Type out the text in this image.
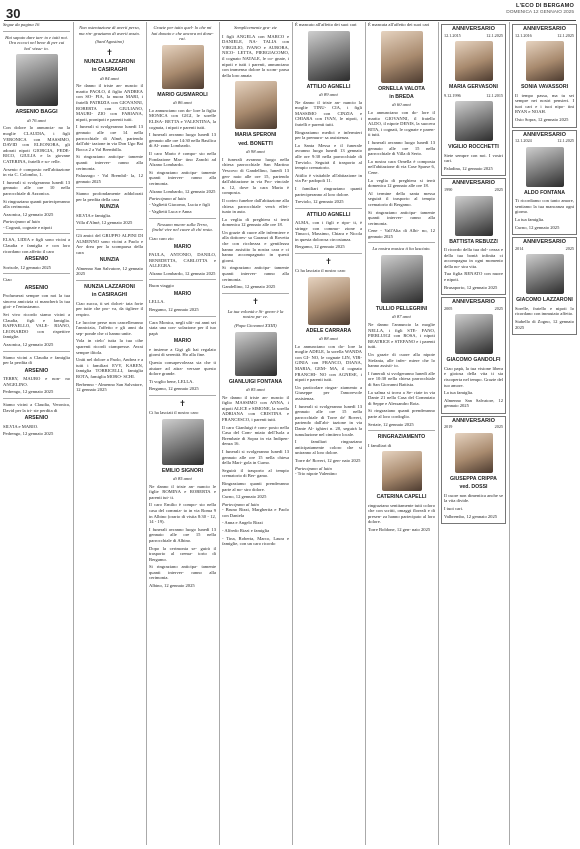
30	L'ECO DI BERGAMO
DOMENICA 12 GENNAIO 2025
Segue da pagina 16
Hai saputo dare tan- to e tutti noi. Ora eccoci nel bene di per cui hai' vissu- to.
ARSENIO BAGGI
di 76 anni

Con dolore lo annuncia- no la moglie CLAUDIA, i figli VERONICA con MASSIMO, DAVID con ELEONORA, gli adorati nipoti GIORGIA, FEDE- RICO, GIULIA e la giovane CATERINA, fratelli e so- relle.

Arsenio è composto nell'abitazione in via C. Colombo, 1.

I funerali si svolgeranno lunedì 13 gennaio alle ore 10 nella parrocchiale di Azzonica.

Si ringraziano quanti parteciperanno alla cerimonia.

Azzonica, 12 gennaio 2025

Partecipano al lutto

- Cognati, cognate e nipoti

ELSA, LIDIA e figli sono vicini a Claudia e famiglia e con loro ricordano con affetto il caro

ARSENIO

Sorisole, 12 gennaio 2025

Ciao

ARSENIO

Profumerai sempre con noi la tua sincera amicizia ci mancherà la tua gioi- e l'entusiasmo.

Sei vivo ricordo siamo vicini a Claudia, figli e famiglia. RAFFAELLO, VALE- RIANO, LEONARDO con rispettive famiglie.

Azzonica, 12 gennaio 2025

Siamo vicini a Claudia e famiglia per la perdita di

ARSENIO

TERRY, MAURO e non- no ANGELINO.

Pedrengo, 12 gennaio 2025

Siamo vicini a Claudia, Veronica, David per la tri- ste perdita di

ARSENIO

SILVIA e MARIO.

Pedrengo, 12 gennaio 2025

Non ostentazione di averti perso, ma rin- graziamo di averti avuto.
(Sant'Agostino)
✝
NUNZIA LAZZARONI
in CASIRAGHI
di 84 anni

Ne danno il triste an- nuncio il marito PAOLO, il figlio ANDREA con SO- FIA, la nuora MARI, i fratelli PATRIZIA con GIOVANNI, ROBERTA con GIULIANO, MAURI- ZIO con FABIANA, nipoti, pronipoti e parenti tutti.

I funerali si svolgeranno lunedì 13 gennaio alle ore 14 nella parrocchiale di Almè, partendo dall'abi- tazione in via Don Ugo Bai Bocca 2 a Val Brembilla.

Si ringraziano anticipa- tamente quanti interver- ranno alla cerimonia.

Palazzago - Val Brembil- la, 12 gennaio 2025

Sianno profondamente addolorati per la perdita della cara

NUNZIA

SILVIA e famiglia.

Villa d'Almè, 12 gennaio 2025

Gli amici del GRUPPO ALPINI DI ALMENNO sono vicini a Paolo e An- drea per la scomparsa della cara

NUNZIA

Almenno San Salvatore, 12 gennaio 2025

NUNZIA LAZZARONI
in CASIRAGHI

Ciao zucca, ti sei dolcet- tata forte per tutte che pro- va, da tigliere il respiro.

Le luccine perse non cancelleranno l'annicizia, l'affetto e gli anni da sep- ponde che ci hanno unite.

Vola in cielo' tutta la tua cihe sparenti ricordi ciampresse. Avrai sempre ilitola.

Uniti nel dolore a Paolo, Andrea e a tutti i familiari EVY, KAREN, famiglia TORRICELLI, famiglia ROTA, famiglia MORO- SCHI.

Berbenno - Almenno San Salvatore, 12 gennaio 2025

Grazie per tutto quel- lo che mi hai donato e che ancora mi done- rai.
MARIO GUSMAROLI
di 86 anni

Lo annunciano con do- lore la figlia MONICA con GIGI, le sorelle ELISA- BETTA e VALENTINA, la cognata, i nipoti e parenti tutti.

I funerali avranno luogo lunedì 13 gennaio alle ore 14:30 nella Basilica di Al- zano Lombardo.

Il caro Mario è compo- sto nella Fondazione Mar- tino Zanchi ad Alzano Lombardo.

Si ringraziano anticipa- tamente quanti interver- ranno alla cerimonia.

Alzano Lombardo, 12 gennaio 2025

Partecipano al lutto

- Vaglietti Giacomo, Lucia e figli

- Vaglietti Luca e Anna

Nessuno muore sulla Terra, finché vive nel cuore di chi resta.

Ciao caro zio

MARIO

PAULA, ANTONIO, DANILO, BENEDETTA, CARLOTTA e ALLEGRA.

Alzano Lombardo, 12 gennaio 2025

Buon viaggio

MARIO

LELLA.

Bergamo, 12 gennaio 2025

Cara Monica, negli ulti- mi anni sei stata una con- solazione per il tuo papà

MARIO

e insieme a Gigi gli hai regalato giorni di serenità. Ho alla fine.

Questa consapevolezza sia che ti aiutare ad attra- versare questo dolore grande.

Ti voglio bene, LELLA.

Bergamo, 12 gennaio 2025

✝

Ci ha lasciati il nostro caro

EMILIO SIGNORI
di 85 anni

Ne danno il triste an- nuncio le figlie ROMINA e ROBERTA e parenti tut- ti.

Il caro Emilio è compo- sto nella casa del commia- to in via Roma 9 in Albino (orario di visita 8:30 - 12, 14 - 19).

I funerali avranno luogo lunedì 13 gennaio alle ore 15 nella parrocchiale di Albino.

Dopo la cerimonia se- guirà il trasporto al crema- torio di Bergamo.

Si ringraziano anticipa- tamente quanti interver- ranno alla cerimonia.

Albino, 12 gennaio 2025

Semplicemente gra- zie

I figli ANGELA con MARCO e DANIELE, NA- TALIA con VIRGILIO, IVANO e AURORA, NICO- LETTA, PIERGIACOMO, il cognato NATALE, le co- gnate, i nipoti e tutti i parenti, annunciano con immenso dolore la scom- parsa della loro amata

MARIA SPERONI
ved. BONETTI
di 98 anni

I funerali avranno luogo nella chiesa parrocchiale San Martino Vescovo di Gandellino, lunedì 13 gen- naio alle ore 15, partendo dall'abitazione in via Pro- vinciale n. 12, dove la cara Maria è composta.

Il corteo funebre dall'abitazione alla chiesa parrocchiale verrà effet- tuato in auto.

La veglia di preghiera si terrà domenica 12 gennaio alle ore 18.

Un grazie di cuore alle infermiere e alla dottores- sa Garanzi di Rovetta che con ricchezza e gentilezza hanno assistito la nostra cara e ci hanno accompagnato in questi giorni.

Si ringraziano anticipa- tamente quanti interver- ranno alla cerimonia.

Gandellino, 12 gennaio 2025

✝
La tua volontà e Si- gnore è la nostra pa- ce.
(Papa Giovanni XXIII)
GIANLUIGI FONTANA
di 85 anni

Ne danno il triste an- nuncio il figlio MASSIMO con ANNA, i nipoti ALICE e SIMONE, la sorella ADRIANA con CRISTINA e FRANCESCO, i parenti tutti.

Il caro Gianluigi è com- posto nella Casa del Com- miato dell'Isola a Brembate di Sopra in via Indipen- denza 16.

I funerali si svolgeranno lunedì 13 gennaio alle ore 15 nella chiesa della Mari- gola in Curno.

Seguirà il trasporto al tempio crematorio di Ber- gamo.

Ringraziamo quanti prenderanno parte al no- stro dolore.

Curno, 12 gennaio 2025

Partecipano al lutto

- Bruno Rizzi, Margherita e Paolo con Daniela

- Anna e Angelo Rizzi

- Alfredo Rizzi e famiglia

- Tina, Roberta, Marco, Laura e famiglie, con un caro ricordo

È mancato all'affetto dei suoi cari

ATTILIO AGNELLI
di 89 anni

Ne danno il triste an- nuncio la moglie TINU- CIA, i figli MASSIMO con CINZIA e CHIARA con IVAN, le nipoti, i fratelli e parenti tutti.

Ringraziamo medici e infermieri per la premuro- sa assistenza.

La Santa Messa e il funerale avranno luogo lunedì 13 gennaio alle ore 9:30 nella parrocchiale di Treviolo. Seguirà il trasporto al tempio crematorio.

Attilio è visitabile all'abitazione in via Pa- padopoli 11.

I familiari ringraziano quanti parteciperanno al loro dolore.

Treviolo, 12 gennaio 2025

ATTILIO AGNELLI

ALMA, con i figli e ripo- ti, è stringe con commo- zione a Tinucci, Massimo, Chiara e Nicola in questa dolorosa circostanza.

Bergamo, 12 gennaio 2025

✝

Ci ha lasciato il nostro caro

ADELE CARRARA
di 88 anni

Lo annunciano con do- lore la moglie ADELE, la sorella WANDA con GI- NO, le cognate LIN, VIR- GINIA con FRANCO, DIANA, MARIA, GEM- MA, il cognato FRANCHI- NO con AGNESE, i nipoti e parenti tutti.

Un particolare ringra- ziamento a Giuseppe per l'amorevole assistenza.

I funerali si svolgeranno lunedì 13 gennaio alle ore 15 nella parrocchiale di Torre de' Roveri, partendo dall'abi- tazione in via Dante Al- ighieri n. 20, seguirà la tumulazione nel cimitero locale.

I familiari ringraziano anticipatamente coloro che si uniranno al loro dolore.

Torre de' Roveri, 12 gen- naio 2025

Partecipano al lutto

- Trio nipote Valentino

È mancata all'affetto dei suoi cari

ORNELLA VALOTA
in BREDA
di 60 anni

Lo annunciano con do- lore il marito GIOVANNI, il fratello ALDO, il nipote DENIS, la suocera RITA, i cognati, le cognate e paren- ti tutti.

I funerali avranno luogo lunedì 13 gennaio alle ore 15 nella parrocchiale di Villa di Serio.

La nostra cara Ornella è composta nell'abitazione di via Case Sparse 6, Cene.

La veglia di preghiera si terrà domenica 12 gennaio alle ore 18.

Al termine della santa messa seguirà il trasporto al tempio crematorio di Bergamo.

Si ringraziano anticipa- tamente quanti interver- ranno alla cerimonia.

Cene - Vall'Alta di Albi- no, 12 gennaio 2025

La nostra musica ti ha lasciato.
TULLIO PELLEGRINI
di 87 anni

Ne danno l'annuncio la moglie NELLA, i figli STE- FANO, PIERLUIGI con ROSA, i nipoti BEATRICE e STEFANO e i parenti tutti.

Un grazie di cuore alla nipote Stefania, alle infer- miere che lo hanno assisti- to.

I funerali si svolgeranno lunedì alle ore 10:30 nella chiesa parrocchiale di San Giovanni Battista.

La salma si trova a Se- riate in via Dante 21 nella Casa del Commiato di Seppe e Alessandro Rota.

Si ringraziano quanti prenderanno parte al loro cordoglio.

Seriate, 12 gennaio 2025

RINGRAZIAMENTO

I familiari di

CATERINA CAPELLI

ringraziano sentitamente tutti coloro che con scritti, omaggi floreali e di presen- za hanno partecipato al loro dolore.

Torre Boldone, 12 gen- naio 2025

ANNIVERSARIO
12.1.2015	12.1.2025
MARIA GERVASONI
9.12.1996	12.1.2015
VIGILIO ROCCHETTI

Siete sempre con noi. I vostri cari.

Paladina, 12 gennaio 2025

ANNIVERSARIO
1990	2025
BATTISTA REBUZZI

Il ricordo della tua dol- cezza e della tua bontà infinita ci accompagna in ogni momento della no- stra vita.

Tua figlia RENATO con nuore e nipoti.

Brusaporto, 12 gennaio 2025

ANNIVERSARIO
2005	2025
GIACOMO GANDOLFI

Ciao papà, la tua visione libera e gioiosa della vita ti sia riscoperta nel tempo. Grazie del tuo amore.

La tua famiglia.

Almenno San Salvatore, 12 gennaio 2025

ANNIVERSARIO
2019	2025
GIUSEPPA CRIPPA
ved. DOSSI

Il cuore non dimentica anche se la vita divide.

I tuoi cari.

Valbrembo, 12 gennaio 2025

ANNIVERSARIO
12.1.2016	12.1.2025
SONIA VAVASSORI

Il tempo passa, ma tu sei sempre nei nostri pensieri. I tuoi cari e i tuoi nipo- tini RYAN e NOAH.

Osio Sopra, 12 gennaio 2025

ANNIVERSARIO
12.1.2024	12.1.2025
ALDO FONTANA

Ti ricordiamo con tanto amore, sentiamo la tua mancanza ogni giorno.

La tua famiglia.

Curno, 12 gennaio 2025

ANNIVERSARIO
2014	2025
GIACOMO LAZZARONI

Sorelle, fratello e nipoti lo ricordano con immutato affetto.

Stabello di Zogno, 12 gennaio 2025
